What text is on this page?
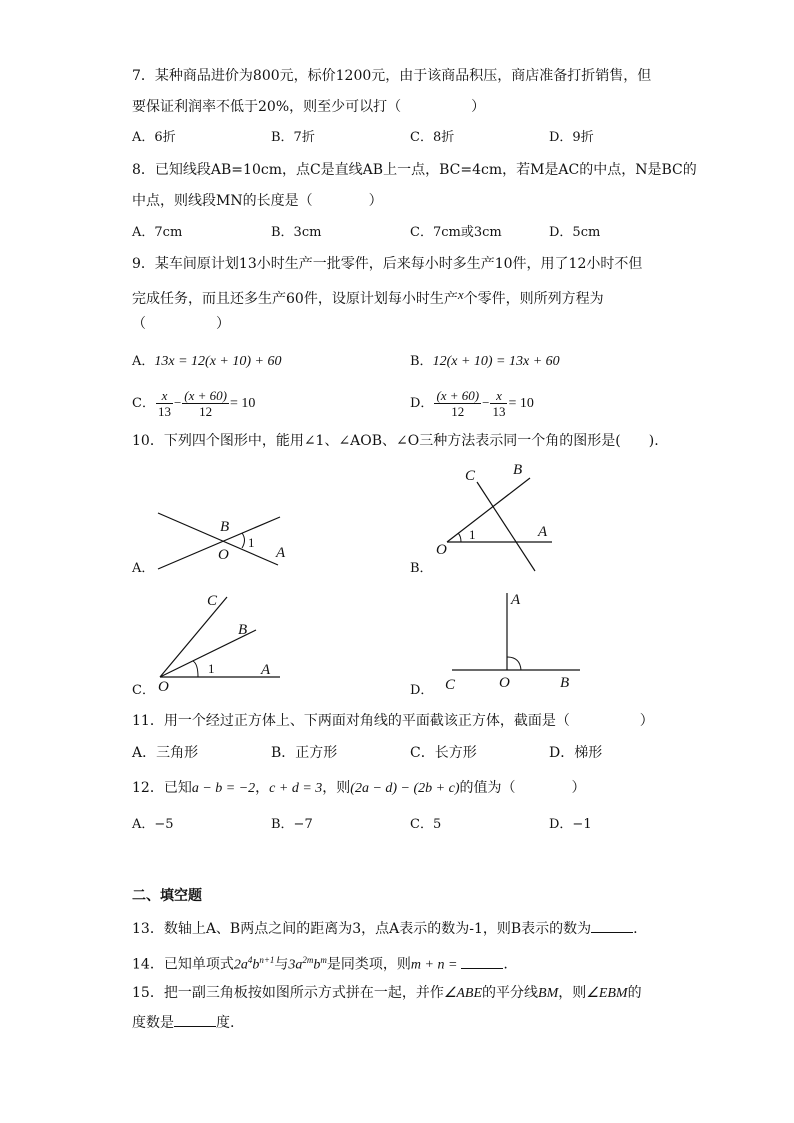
7．某种商品进价为800元，标价1200元，由于该商品积压，商店准备打折销售，但
要保证利润率不低于20%，则至少可以打（　　　　　）
A．6折	B．7折	C．8折	D．9折
8．已知线段AB=10cm，点C是直线AB上一点，BC=4cm，若M是AC的中点，N是BC的
中点，则线段MN的长度是（　　　　）
A．7cm	B．3cm	C．7cm或3cm	D．5cm
9．某车间原计划13小时生产一批零件，后来每小时多生产10件，用了12小时不但
完成任务，而且还多生产60件，设原计划每小时生产x个零件，则所列方程为
（　　　　　）
A．13x = 12(x + 10) + 60	B．12(x + 10) = 13x + 60
C． $\frac{x}{13} - \frac{(x + 60)}{12} = 10$	D． $\frac{(x + 60)}{12} - \frac{x}{13} = 10$
10．下列四个图形中，能用∠1、∠AOB、∠O三种方法表示同一个角的图形是(　　).
A．
B
O
1
A
B．
C	B
A
1
O
C．
C
B
1	A
O	D．
A
C	O	B
11．用一个经过正方体上、下两面对角线的平面截该正方体，截面是（　　　　　）
A．三角形	B．正方形	C．长方形	D．梯形
12．已知a − b = −2，c + d = 3，则(2a − d) − (2b + c)的值为（　　　　）
A．−5	B．−7	C．5	D．−1
二、填空题
13．数轴上A、B两点之间的距离为3，点A表示的数为-1，则B表示的数为	.
14．已知单项式$2a^4b^{n+1}$与$3a^{2m}b^m$是同类项，则m + n =	.
15．把一副三角板按如图所示方式拼在一起，并作∠ABE的平分线BM，则∠EBM的
度数是	度.
